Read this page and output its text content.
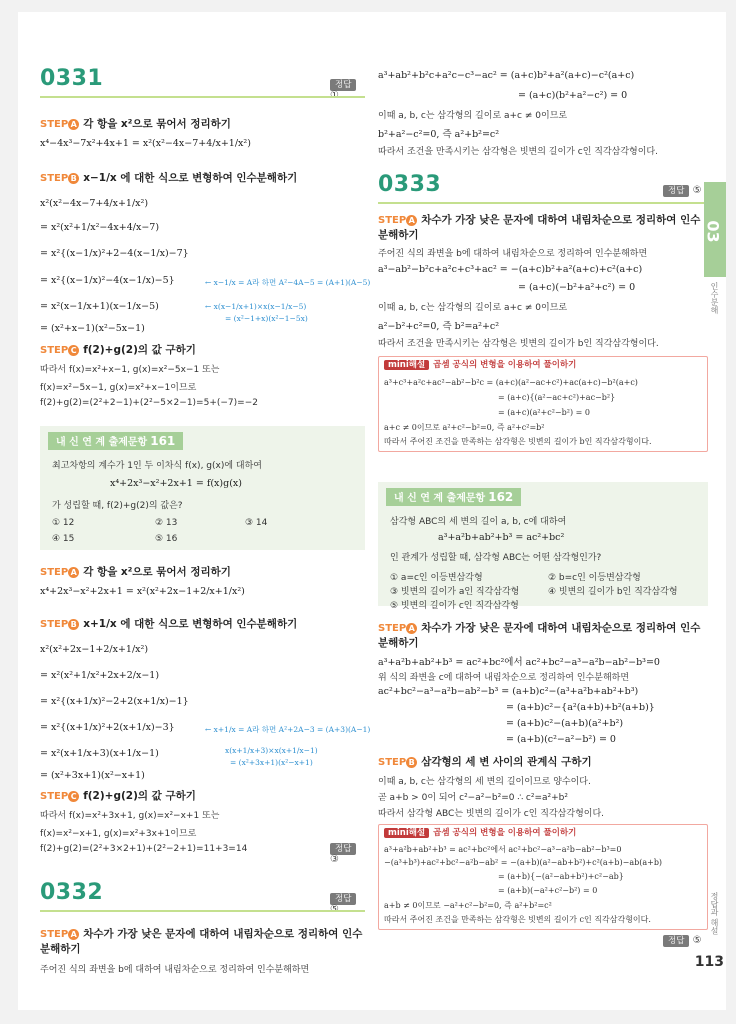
0331	정답
STEP A 각 항을 x²으로 묶어서 정리하기
x⁴−4x³−7x²+4x+1 = x²(x²−4x−7+4/x+1/x²)
STEP B x−1/x 에 대한 식으로 변형하여 인수분해하기
x²(x²−4x−7+4/x+1/x²)
= x²(x²+1/x²−4x+4/x−7)
= x²{(x−1/x)²+2−4(x−1/x)−7}
= x²{(x−1/x)²−4(x−1/x)−5}	← x−1/x = A라 하면 A²−4A−5 = (A+1)(A−5)
= x²(x−1/x+1)(x−1/x−5)	← x(x−1/x+1)×x(x−1/x−5)
= (x²−1+x)(x²−1−5x)
= (x²+x−1)(x²−5x−1)
STEP C f(2)+g(2)의 값 구하기
따라서 f(x)=x²+x−1, g(x)=x²−5x−1 또는
f(x)=x²−5x−1, g(x)=x²+x−1이므로
f(2)+g(2)=(2²+2−1)+(2²−5×2−1)=5+(−7)=−2
내 신 연 계 출제문항 161
최고차항의 계수가 1인 두 이차식 f(x), g(x)에 대하여
x⁴+2x³−x²+2x+1 = f(x)g(x)
가 성립할 때, f(2)+g(2)의 값은?
① 12	② 13	③ 14
④ 15	⑤ 16
STEP A 각 항을 x²으로 묶어서 정리하기
x⁴+2x³−x²+2x+1 = x²(x²+2x−1+2/x+1/x²)
STEP B x+1/x 에 대한 식으로 변형하여 인수분해하기
x²(x²+2x−1+2/x+1/x²)
= x²(x²+1/x²+2x+2/x−1)
= x²{(x+1/x)²−2+2(x+1/x)−1}
= x²{(x+1/x)²+2(x+1/x)−3}	← x+1/x = A라 하면 A²+2A−3 = (A+3)(A−1)
= x²(x+1/x+3)(x+1/x−1)	x(x+1/x+3)×x(x+1/x−1)
= (x²+3x+1)(x²−x+1)
= (x²+3x+1)(x²−x+1)
STEP C f(2)+g(2)의 값 구하기
따라서 f(x)=x²+3x+1, g(x)=x²−x+1 또는
f(x)=x²−x+1, g(x)=x²+3x+1이므로
f(2)+g(2)=(2²+3×2+1)+(2²−2+1)=11+3=14	정답 ③
0332	정답
STEP A 차수가 가장 낮은 문자에 대하여 내림차순으로 정리하여 인수분해하기
주어진 식의 좌변을 b에 대하여 내림차순으로 정리하여 인수분해하면
a³+ab²+b²c+a²c−c³−ac² = (a+c)b²+a²(a+c)−c²(a+c)
= (a+c)(b²+a²−c²) = 0
이때 a, b, c는 삼각형의 길이로 a+c ≠ 0이므로
b²+a²−c²=0, 즉 a²+b²=c²
따라서 조건을 만족시키는 삼각형은 빗변의 길이가 c인 직각삼각형이다.
0333	정답 ⑤
STEP A 차수가 가장 낮은 문자에 대하여 내림차순으로 정리하여 인수분해하기
주어진 식의 좌변을 b에 대하여 내림차순으로 정리하여 인수분해하면
a³−ab²−b²c+a²c+c³+ac² = −(a+c)b²+a²(a+c)+c²(a+c)
= (a+c)(−b²+a²+c²) = 0
이때 a, b, c는 삼각형의 길이로 a+c ≠ 0이므로
a²−b²+c²=0, 즉 b²=a²+c²
따라서 조건을 만족시키는 삼각형은 빗변의 길이가 b인 직각삼각형이다.
mini해설 곱셈 공식의 변형을 이용하여 풀이하기
a³+c³+a²c+ac²−ab²−b²c = (a+c)(a²−ac+c²)+ac(a+c)−b²(a+c)
= (a+c){(a²−ac+c²)+ac−b²}
= (a+c)(a²+c²−b²) = 0
a+c ≠ 0이므로 a²+c²−b²=0, 즉 a²+c²=b²
따라서 주어진 조건을 만족하는 삼각형은 빗변의 길이가 b인 직각삼각형이다.
내 신 연 계 출제문항 162
삼각형 ABC의 세 변의 길이 a, b, c에 대하여
a³+a²b+ab²+b³ = ac²+bc²
인 관계가 성립할 때, 삼각형 ABC는 어떤 삼각형인가?
① a=c인 이등변삼각형	② b=c인 이등변삼각형
③ 빗변의 길이가 a인 직각삼각형	④ 빗변의 길이가 b인 직각삼각형
⑤ 빗변의 길이가 c인 직각삼각형
STEP A 차수가 가장 낮은 문자에 대하여 내림차순으로 정리하여 인수분해하기
a³+a²b+ab²+b³ = ac²+bc²에서 ac²+bc²−a³−a²b−ab²−b³=0
위 식의 좌변을 c에 대하여 내림차순으로 정리하여 인수분해하면
ac²+bc²−a³−a²b−ab²−b³ = (a+b)c²−(a³+a²b+ab²+b³)
= (a+b)c²−{a²(a+b)+b²(a+b)}
= (a+b)c²−(a+b)(a²+b²)
= (a+b)(c²−a²−b²) = 0
STEP B 삼각형의 세 변 사이의 관계식 구하기
이때 a, b, c는 삼각형의 세 변의 길이이므로 양수이다.
곧 a+b > 0이 되어 c²−a²−b²=0 ∴ c²=a²+b²
따라서 삼각형 ABC는 빗변의 길이가 c인 직각삼각형이다.
mini해설 곱셈 공식의 변형을 이용하여 풀이하기
a³+a²b+ab²+b³ = ac²+bc²에서 ac²+bc²−a³−a²b−ab²−b³=0
−(a³+b³)+ac²+bc²−a²b−ab² = −(a+b)(a²−ab+b²)+c²(a+b)−ab(a+b)
= (a+b){−(a²−ab+b²)+c²−ab}
= (a+b)(−a²+c²−b²) = 0
a+b ≠ 0이므로 −a²+c²−b²=0, 즉 a²+b²=c²
따라서 주어진 조건을 만족하는 삼각형은 빗변의 길이가 c인 직각삼각형이다.
정답 ⑤
03
인수분해
정답과 해설
113
